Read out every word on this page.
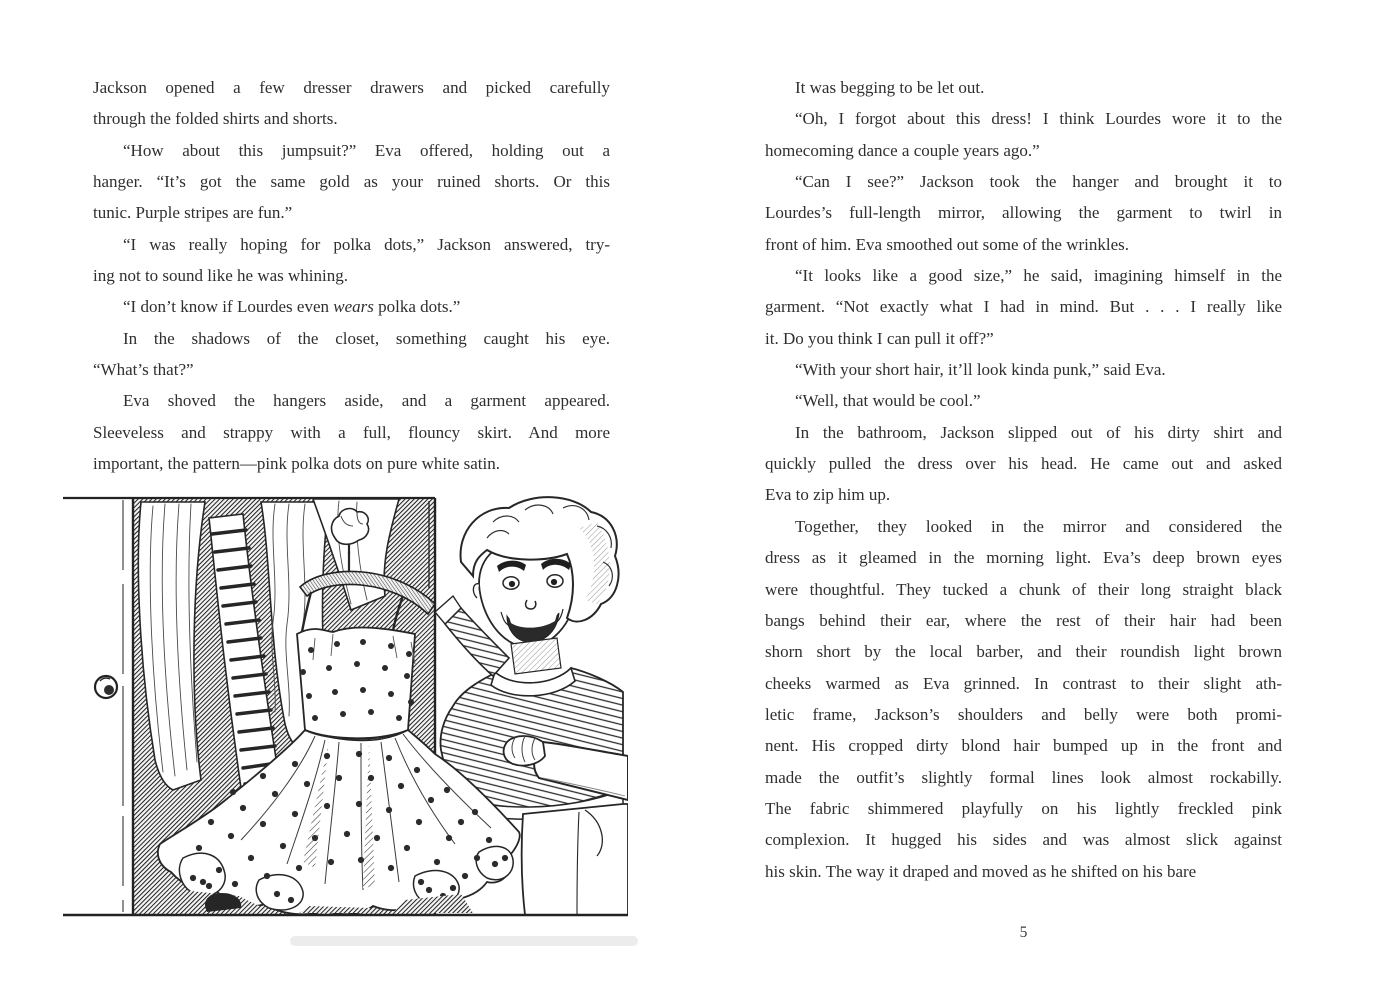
Jackson opened a few dresser drawers and picked carefully
through the folded shirts and shorts.
“How about this jumpsuit?” Eva offered, holding out a
hanger. “It’s got the same gold as your ruined shorts. Or this
tunic. Purple stripes are fun.”
“I was really hoping for polka dots,” Jackson answered, try-
ing not to sound like he was whining.
“I don’t know if Lourdes even wears polka dots.”
In the shadows of the closet, something caught his eye.
“What’s that?”
Eva shoved the hangers aside, and a garment appeared.
Sleeveless and strappy with a full, flouncy skirt. And more
important, the pattern—pink polka dots on pure white satin.
It was begging to be let out.
“Oh, I forgot about this dress! I think Lourdes wore it to the
homecoming dance a couple years ago.”
“Can I see?” Jackson took the hanger and brought it to
Lourdes’s full-length mirror, allowing the garment to twirl in
front of him. Eva smoothed out some of the wrinkles.
“It looks like a good size,” he said, imagining himself in the
garment. “Not exactly what I had in mind. But . . . I really like
it. Do you think I can pull it off?”
“With your short hair, it’ll look kinda punk,” said Eva.
“Well, that would be cool.”
In the bathroom, Jackson slipped out of his dirty shirt and
quickly pulled the dress over his head. He came out and asked
Eva to zip him up.
Together, they looked in the mirror and considered the
dress as it gleamed in the morning light. Eva’s deep brown eyes
were thoughtful. They tucked a chunk of their long straight black
bangs behind their ear, where the rest of their hair had been
shorn short by the local barber, and their roundish light brown
cheeks warmed as Eva grinned. In contrast to their slight ath-
letic frame, Jackson’s shoulders and belly were both promi-
nent. His cropped dirty blond hair bumped up in the front and
made the outfit’s slightly formal lines look almost rockabilly.
The fabric shimmered playfully on his lightly freckled pink
complexion. It hugged his sides and was almost slick against
his skin. The way it draped and moved as he shifted on his bare
5
